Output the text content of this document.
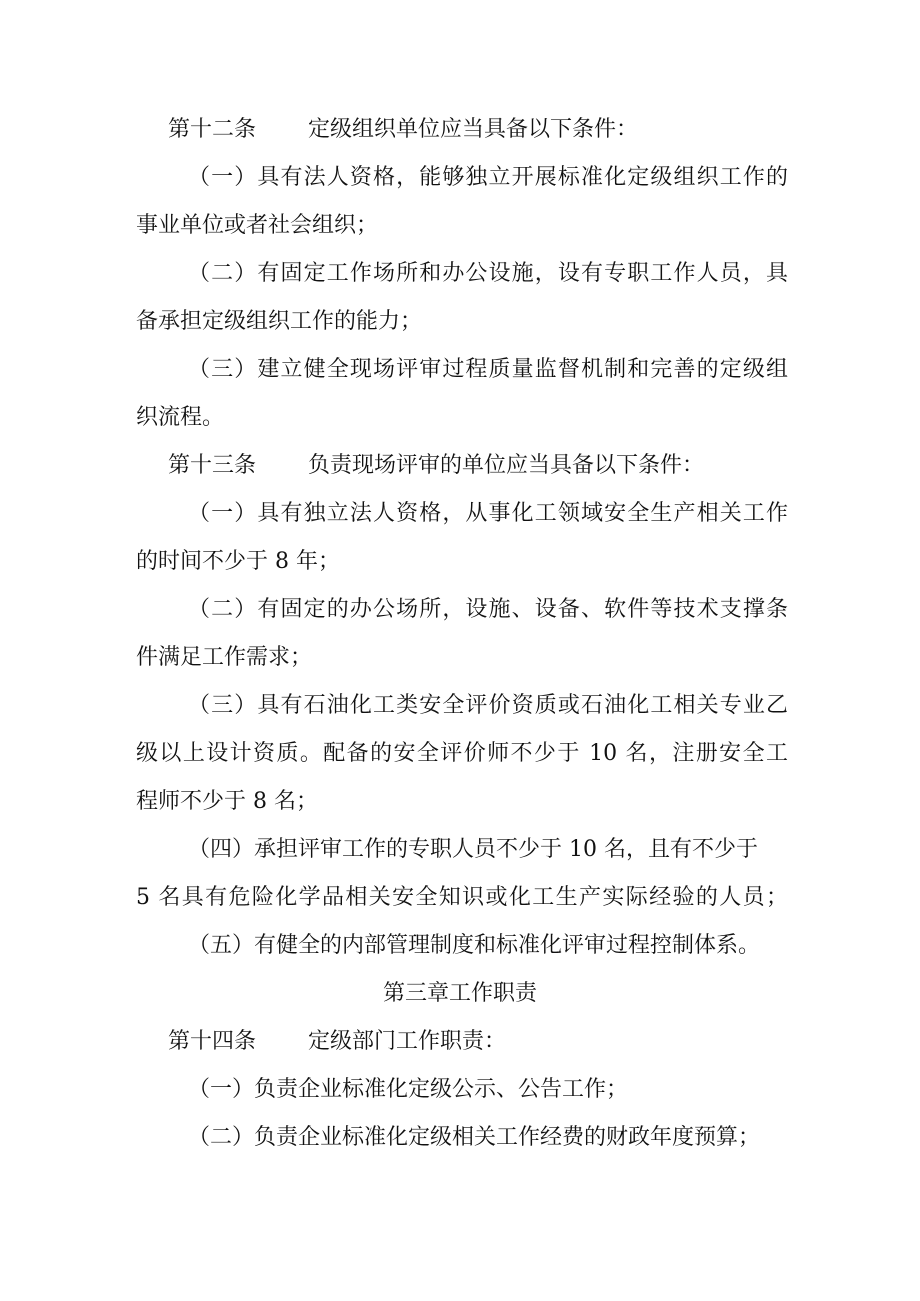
第十二条 定级组织单位应当具备以下条件：
（一）具有法人资格，能够独立开展标准化定级组织工作的
事业单位或者社会组织；
（二）有固定工作场所和办公设施，设有专职工作人员，具
备承担定级组织工作的能力；
（三）建立健全现场评审过程质量监督机制和完善的定级组
织流程。
第十三条 负责现场评审的单位应当具备以下条件：
（一）具有独立法人资格，从事化工领域安全生产相关工作
的时间不少于 8 年；
（二）有固定的办公场所，设施、设备、软件等技术支撑条
件满足工作需求；
（三）具有石油化工类安全评价资质或石油化工相关专业乙
级以上设计资质。配备的安全评价师不少于 10 名，注册安全工
程师不少于 8 名；
（四）承担评审工作的专职人员不少于 10 名，且有不少于
5 名具有危险化学品相关安全知识或化工生产实际经验的人员；
（五）有健全的内部管理制度和标准化评审过程控制体系。
第三章工作职责
第十四条 定级部门工作职责：
（一）负责企业标准化定级公示、公告工作；
（二）负责企业标准化定级相关工作经费的财政年度预算；
